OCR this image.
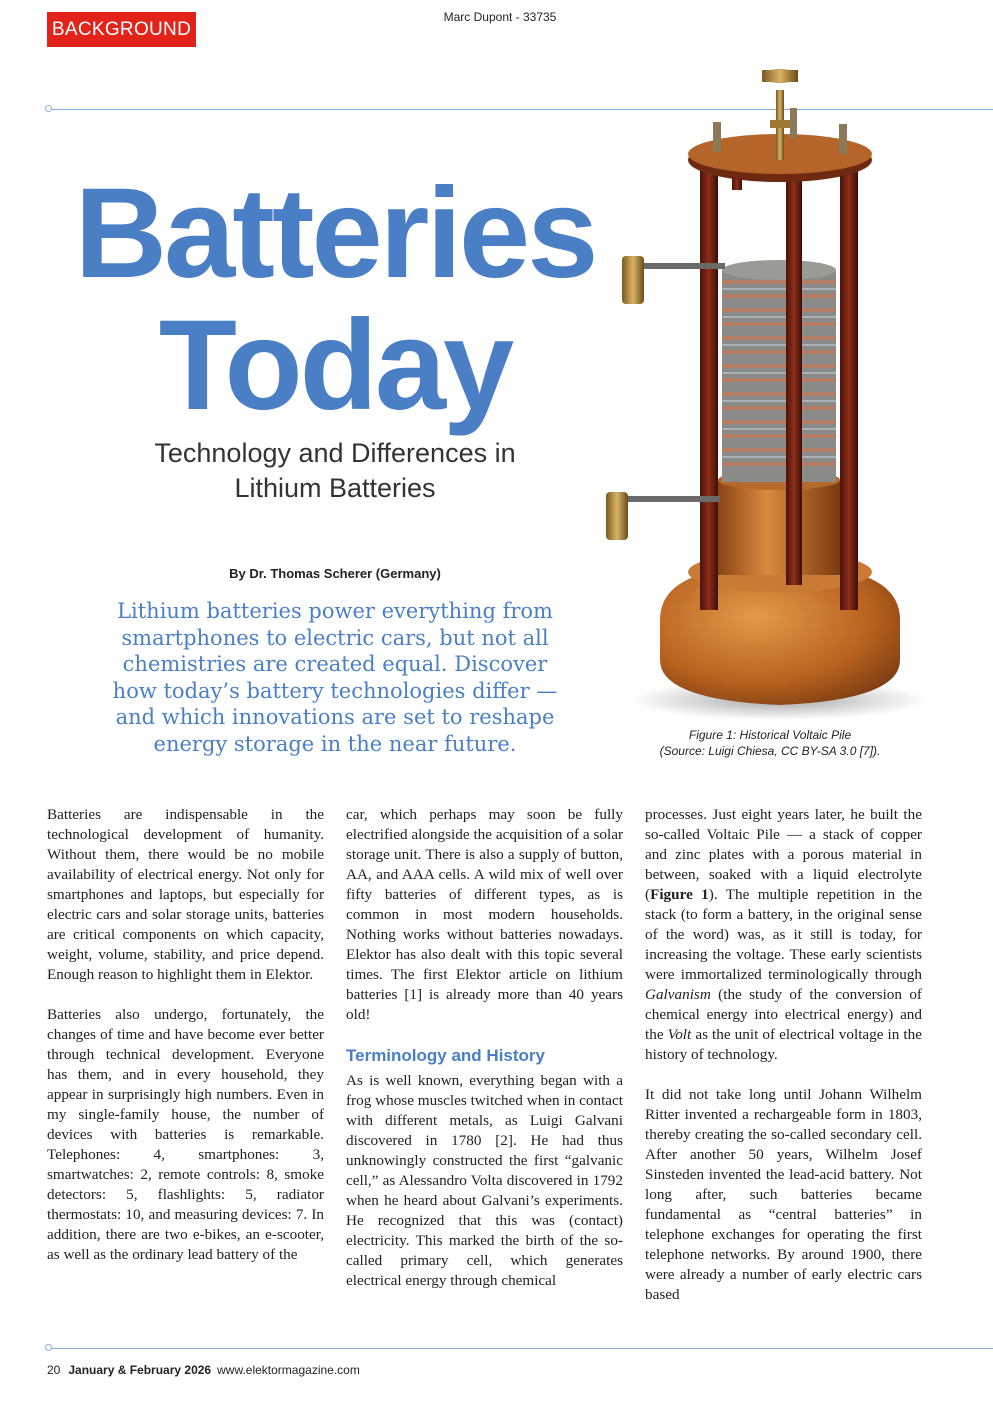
BACKGROUND
Marc Dupont - 33735
Batteries
Today
Technology and Differences in
Lithium Batteries
By Dr. Thomas Scherer (Germany)
Lithium batteries power everything from smartphones to electric cars, but not all chemistries are created equal. Discover how today’s battery technologies differ — and which innovations are set to reshape energy storage in the near future.	Figure 1: Historical Voltaic Pile
(Source: Luigi Chiesa, CC BY-SA 3.0 [7]).

Batteries are indispensable in the technological development of humanity. Without them, there would be no mobile availability of electrical energy. Not only for smartphones and laptops, but especially for electric cars and solar storage units, batteries are critical components on which capacity, weight, volume, stability, and price depend. Enough reason to highlight them in Elektor.

Batteries also undergo, fortunately, the changes of time and have become ever better through technical development. Everyone has them, and in every household, they appear in surprisingly high numbers. Even in my single-family house, the number of devices with batteries is remarkable. Telephones: 4, smartphones: 3, smartwatches: 2, remote controls: 8, smoke detectors: 5, flashlights: 5, radiator thermostats: 10, and measuring devices: 7. In addition, there are two e-bikes, an e-scooter, as well as the ordinary lead battery of the

car, which perhaps may soon be fully electrified alongside the acquisition of a solar storage unit. There is also a supply of button, AA, and AAA cells. A wild mix of well over fifty batteries of different types, as is common in most modern households. Nothing works without batteries nowadays. Elektor has also dealt with this topic several times. The first Elektor article on lithium batteries [1] is already more than 40 years old!

Terminology and History

As is well known, everything began with a frog whose muscles twitched when in contact with different metals, as Luigi Galvani discovered in 1780 [2]. He had thus unknowingly constructed the first “galvanic cell,” as Alessandro Volta discovered in 1792 when he heard about Galvani’s experiments. He recognized that this was (contact) electricity. This marked the birth of the so-called primary cell, which generates electrical energy through chemical

processes. Just eight years later, he built the so-called Voltaic Pile — a stack of copper and zinc plates with a porous material in between, soaked with a liquid electrolyte (Figure 1). The multiple repetition in the stack (to form a battery, in the original sense of the word) was, as it still is today, for increasing the voltage. These early scientists were immortalized terminologically through Galvanism (the study of the conversion of chemical energy into electrical energy) and the Volt as the unit of electrical voltage in the history of technology.

It did not take long until Johann Wilhelm Ritter invented a rechargeable form in 1803, thereby creating the so-called secondary cell. After another 50 years, Wilhelm Josef Sinsteden invented the lead-acid battery. Not long after, such batteries became fundamental as “central batteries” in telephone exchanges for operating the first telephone networks. By around 1900, there were already a number of early electric cars based

20 January & February 2026 www.elektormagazine.com
